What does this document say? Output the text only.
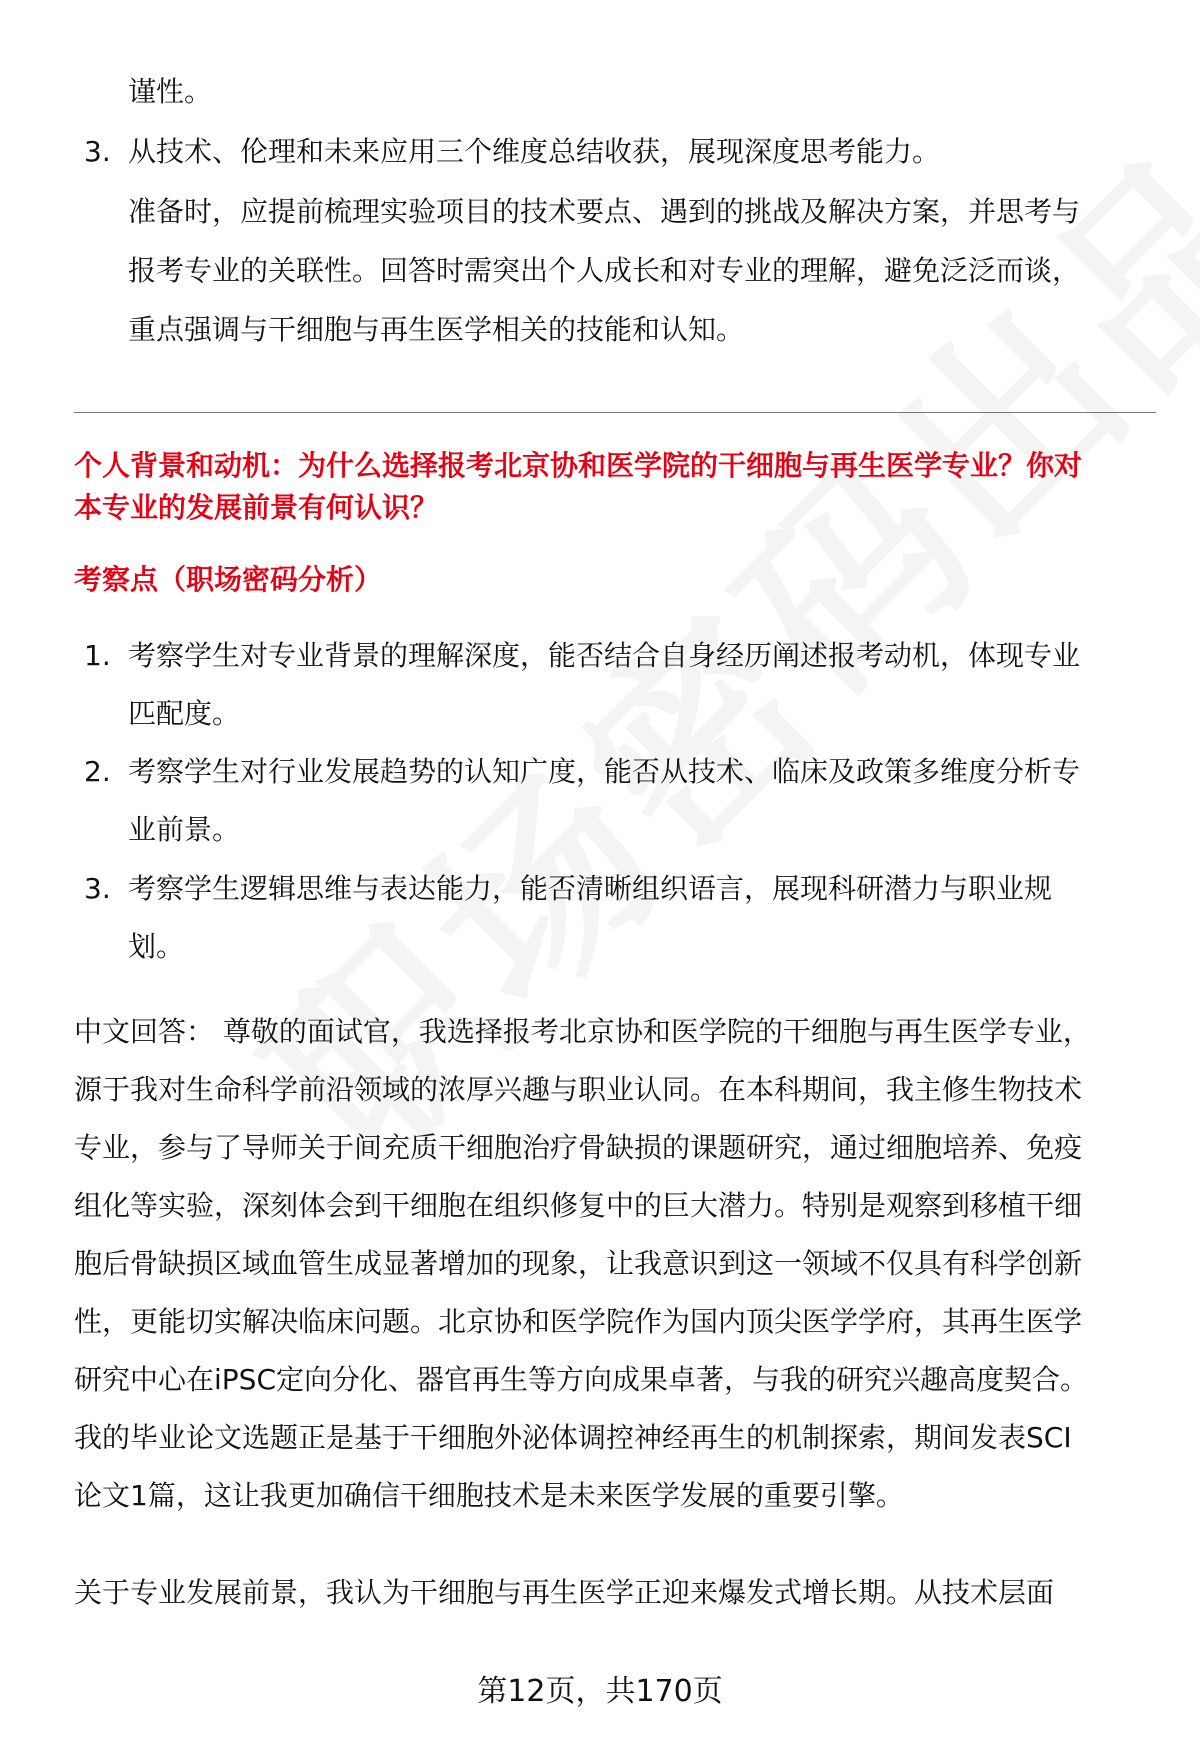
谨性。
3. 从技术、伦理和未来应用三个维度总结收获，展现深度思考能力。
准备时，应提前梳理实验项目的技术要点、遇到的挑战及解决方案，并思考与
报考专业的关联性。回答时需突出个人成长和对专业的理解，避免泛泛而谈，
重点强调与干细胞与再生医学相关的技能和认知。
个人背景和动机：为什么选择报考北京协和医学院的干细胞与再生医学专业？你对
本专业的发展前景有何认识？
考察点（职场密码分析）
1. 考察学生对专业背景的理解深度，能否结合自身经历阐述报考动机，体现专业
匹配度。
2. 考察学生对行业发展趋势的认知广度，能否从技术、临床及政策多维度分析专
业前景。
3. 考察学生逻辑思维与表达能力，能否清晰组织语言，展现科研潜力与职业规
划。
中文回答： 尊敬的面试官，我选择报考北京协和医学院的干细胞与再生医学专业，
源于我对生命科学前沿领域的浓厚兴趣与职业认同。在本科期间，我主修生物技术
专业，参与了导师关于间充质干细胞治疗骨缺损的课题研究，通过细胞培养、免疫
组化等实验，深刻体会到干细胞在组织修复中的巨大潜力。特别是观察到移植干细
胞后骨缺损区域血管生成显著增加的现象，让我意识到这一领域不仅具有科学创新
性，更能切实解决临床问题。北京协和医学院作为国内顶尖医学学府，其再生医学
研究中心在iPSC定向分化、器官再生等方向成果卓著，与我的研究兴趣高度契合。
我的毕业论文选题正是基于干细胞外泌体调控神经再生的机制探索，期间发表SCI
论文1篇，这让我更加确信干细胞技术是未来医学发展的重要引擎。
关于专业发展前景，我认为干细胞与再生医学正迎来爆发式增长期。从技术层面
第12页，共170页
